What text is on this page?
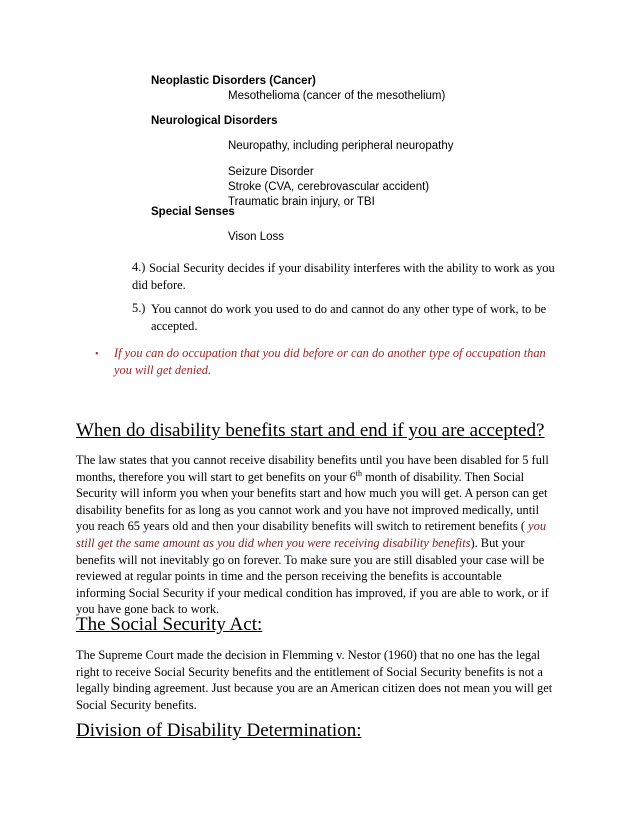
Neoplastic Disorders (Cancer)
Mesothelioma (cancer of the mesothelium)
Neurological Disorders
Neuropathy, including peripheral neuropathy
Seizure Disorder
Stroke (CVA, cerebrovascular accident)
Traumatic brain injury, or TBI
Special Senses
Vison Loss
4.) Social Security decides if your disability interferes with the ability to work as you did before.
5.) You cannot do work you used to do and cannot do any other type of work, to be accepted.
• If you can do occupation that you did before or can do another type of occupation than you will get denied.
When do disability benefits start and end if you are accepted?
The law states that you cannot receive disability benefits until you have been disabled for 5 full months, therefore you will start to get benefits on your 6th month of disability. Then Social Security will inform you when your benefits start and how much you will get. A person can get disability benefits for as long as you cannot work and you have not improved medically, until you reach 65 years old and then your disability benefits will switch to retirement benefits ( you still get the same amount as you did when you were receiving disability benefits). But your benefits will not inevitably go on forever. To make sure you are still disabled your case will be reviewed at regular points in time and the person receiving the benefits is accountable informing Social Security if your medical condition has improved, if you are able to work, or if you have gone back to work.
The Social Security Act:
The Supreme Court made the decision in Flemming v. Nestor (1960) that no one has the legal right to receive Social Security benefits and the entitlement of Social Security benefits is not a legally binding agreement. Just because you are an American citizen does not mean you will get Social Security benefits.
Division of Disability Determination:
